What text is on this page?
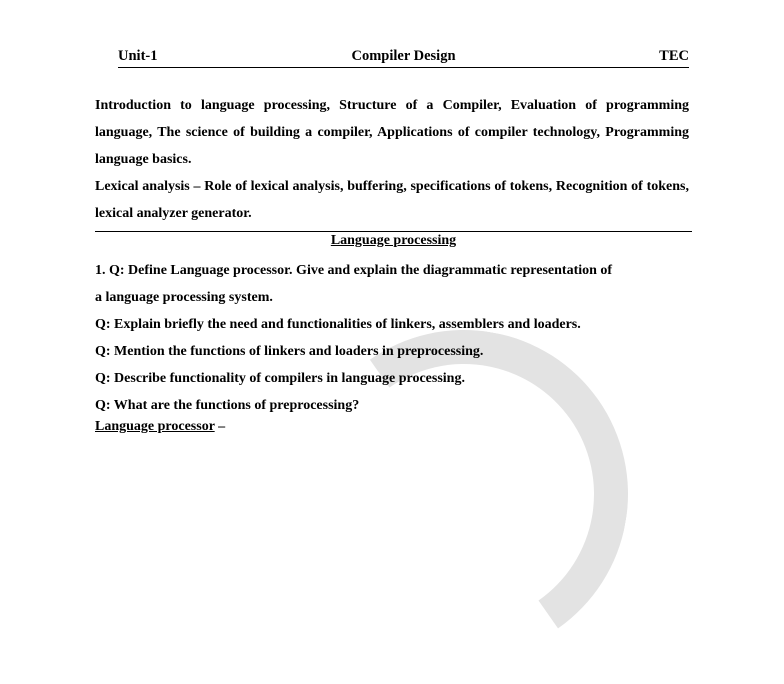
Unit-1	Compiler Design	TEC

Introduction to language processing, Structure of a Compiler, Evaluation of programming language, The science of building a compiler, Applications of compiler technology, Programming language basics.

Lexical analysis – Role of lexical analysis, buffering, specifications of tokens, Recognition of tokens, lexical analyzer generator.

Language processing

1. Q: Define Language processor. Give and explain the diagrammatic representation of

a language processing system.

Q: Explain briefly the need and functionalities of linkers, assemblers and loaders.

Q: Mention the functions of linkers and loaders in preprocessing.

Q: Describe functionality of compilers in language processing.

Q: What are the functions of preprocessing?

Language processor –
